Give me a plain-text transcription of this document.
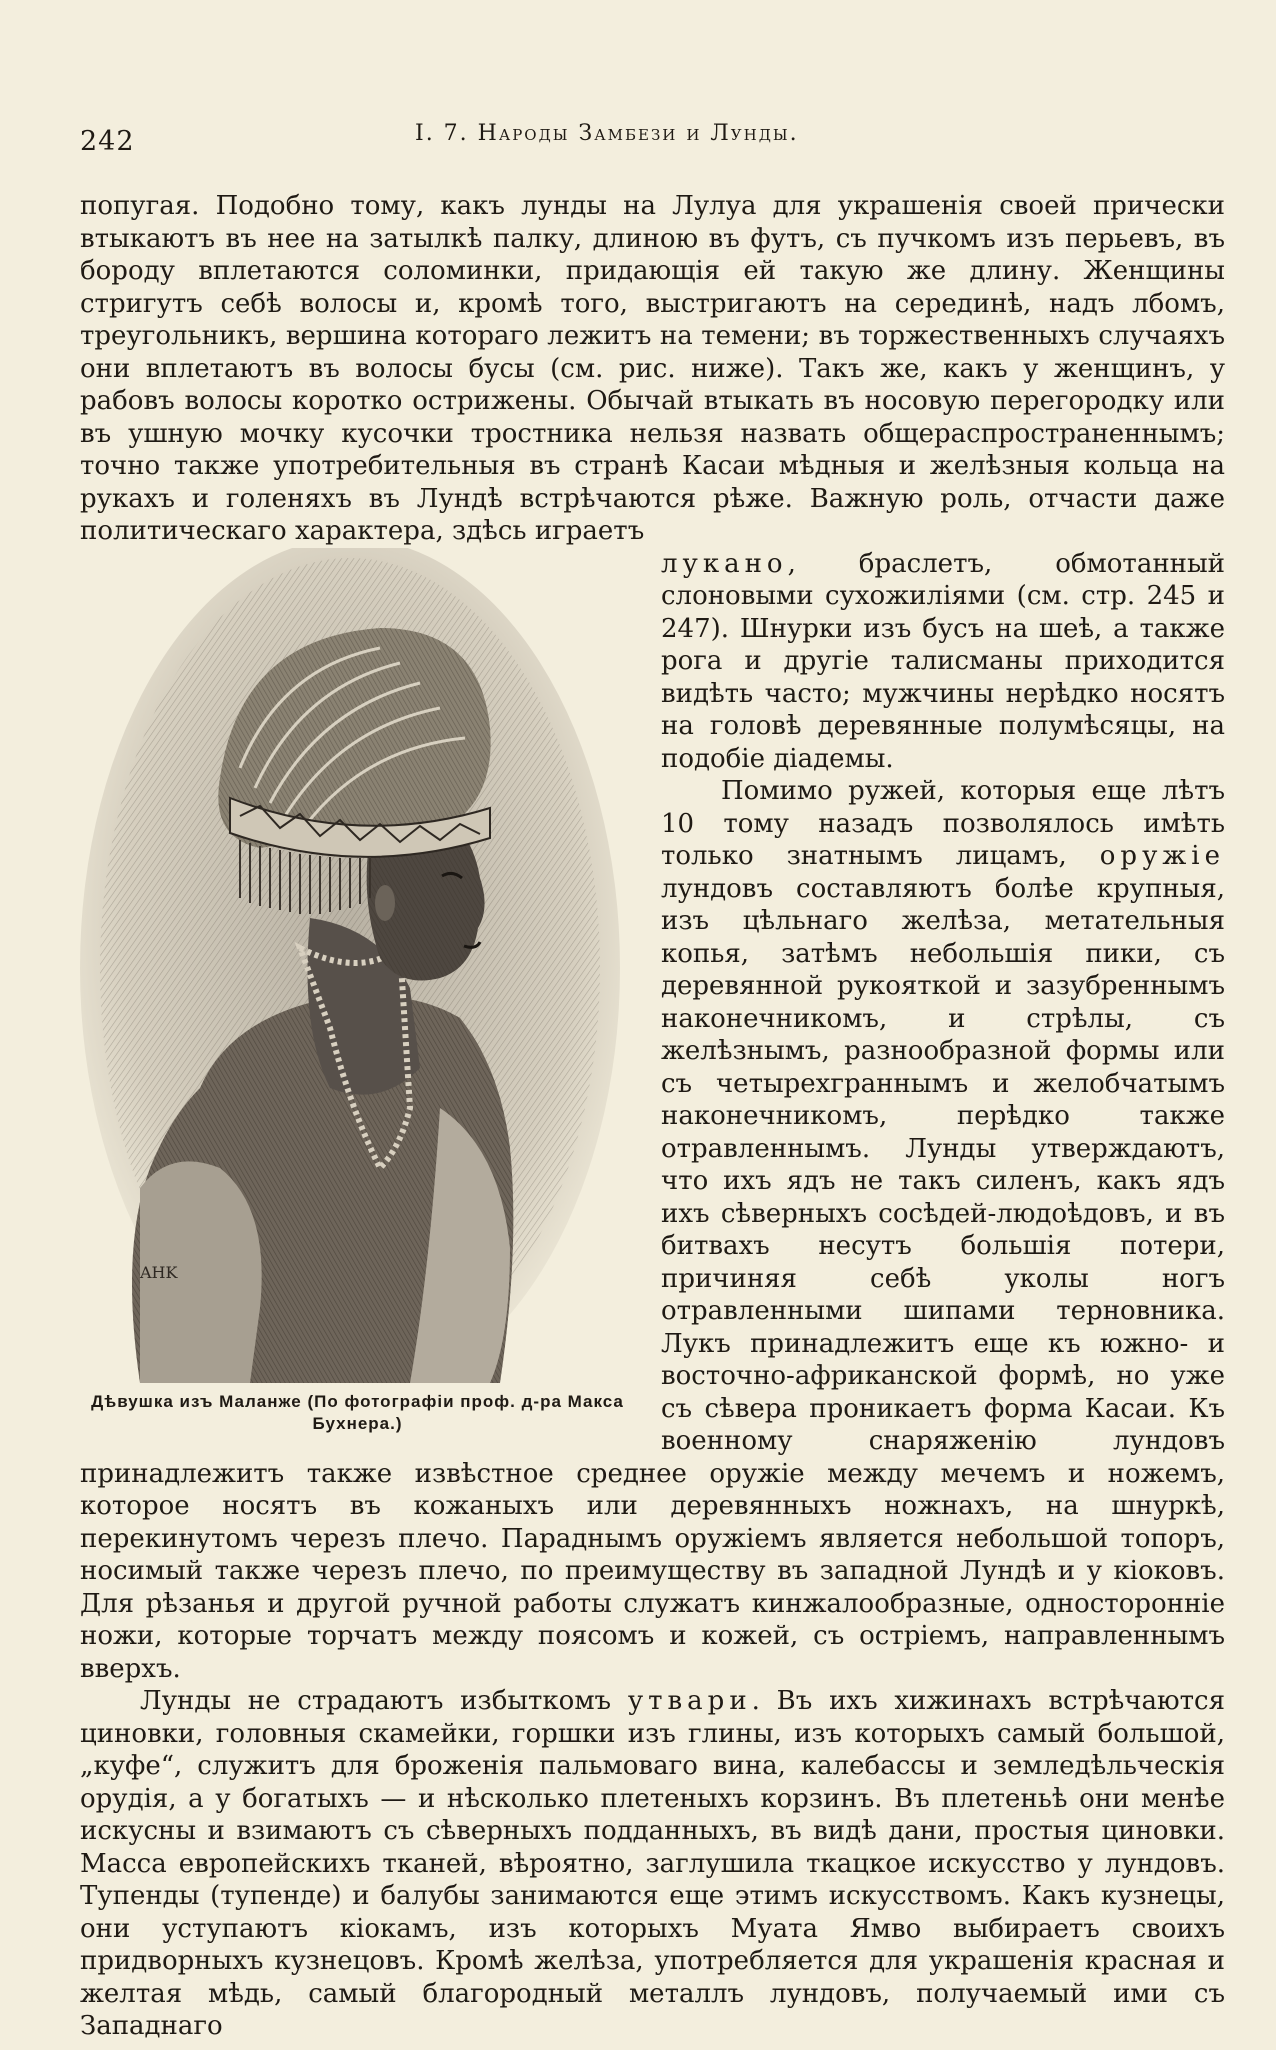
242	I. 7. Народы Замбези и Лунды.

попугая. Подобно тому, какъ лунды на Лулуа для украшенія своей прически втыкаютъ въ нее на затылкѣ палку, длиною въ футъ, съ пучкомъ изъ перьевъ, въ бороду вплетаются соломинки, придающія ей такую же длину. Женщины стригутъ себѣ волосы и, кромѣ того, выстригаютъ на серединѣ, надъ лбомъ, треугольникъ, вершина котораго лежитъ на темени; въ торжественныхъ случаяхъ они вплетаютъ въ волосы бусы (см. рис. ниже). Такъ же, какъ у женщинъ, у рабовъ волосы коротко острижены. Обычай втыкать въ носовую перегородку или въ ушную мочку кусочки тростника нельзя назвать общераспространеннымъ; точно также употребительныя въ странѣ Касаи мѣдныя и желѣзныя кольца на рукахъ и голеняхъ въ Лундѣ встрѣчаются рѣже. Важную роль, отчасти даже политическаго характера, здѣсь играетъ

AHK
Дѣвушка изъ Маланже (По фотографіи проф. д-ра Макса Бухнера.)

лукано, браслетъ, обмотанный слоновыми сухожиліями (см. стр. 245 и 247). Шнурки изъ бусъ на шеѣ, а также рога и другіе талисманы приходится видѣть часто; мужчины нерѣдко носятъ на головѣ деревянные полумѣсяцы, на подобіе діадемы.

Помимо ружей, которыя еще лѣтъ 10 тому назадъ позволялось имѣть только знатнымъ лицамъ, оружіе лундовъ составляютъ болѣе крупныя, изъ цѣльнаго желѣза, метательныя копья, затѣмъ небольшія пики, съ деревянной рукояткой и зазубреннымъ наконечникомъ, и стрѣлы, съ желѣзнымъ, разнообразной формы или съ четырехграннымъ и желобчатымъ наконечникомъ, перѣдко также отравленнымъ. Лунды утверждаютъ, что ихъ ядъ не такъ силенъ, какъ ядъ ихъ сѣверныхъ сосѣдей-людоѣдовъ, и въ битвахъ несутъ большія потери, причиняя себѣ уколы ногъ отравленными шипами терновника. Лукъ принадлежитъ еще къ южно- и восточно-африканской формѣ, но уже съ сѣвера проникаетъ форма Касаи. Къ военному снаряженію лундовъ принадлежитъ также извѣстное среднее оружіе между мечемъ и ножемъ, которое носятъ въ кожаныхъ или деревянныхъ ножнахъ, на шнуркѣ, перекинутомъ черезъ плечо. Параднымъ оружіемъ является небольшой топоръ, носимый также черезъ плечо, по преимуществу въ западной Лундѣ и у кіоковъ. Для рѣзанья и другой ручной работы служатъ кинжалообразные, односторонніе ножи, которые торчатъ между поясомъ и кожей, съ остріемъ, направленнымъ вверхъ.

Лунды не страдаютъ избыткомъ утвари. Въ ихъ хижинахъ встрѣчаются циновки, головныя скамейки, горшки изъ глины, изъ которыхъ самый большой, „куфе“, служитъ для броженія пальмоваго вина, калебассы и земледѣльческія орудія, а у богатыхъ — и нѣсколько плетеныхъ корзинъ. Въ плетеньѣ они менѣе искусны и взимаютъ съ сѣверныхъ подданныхъ, въ видѣ дани, простыя циновки. Масса европейскихъ тканей, вѣроятно, заглушила ткацкое искусство у лундовъ. Тупенды (тупенде) и балубы занимаются еще этимъ искусствомъ. Какъ кузнецы, они уступаютъ кіокамъ, изъ которыхъ Муата Ямво выбираетъ своихъ придворныхъ кузнецовъ. Кромѣ желѣза, употребляется для украшенія красная и желтая мѣдь, самый благородный металлъ лундовъ, получаемый ими съ Западнаго
